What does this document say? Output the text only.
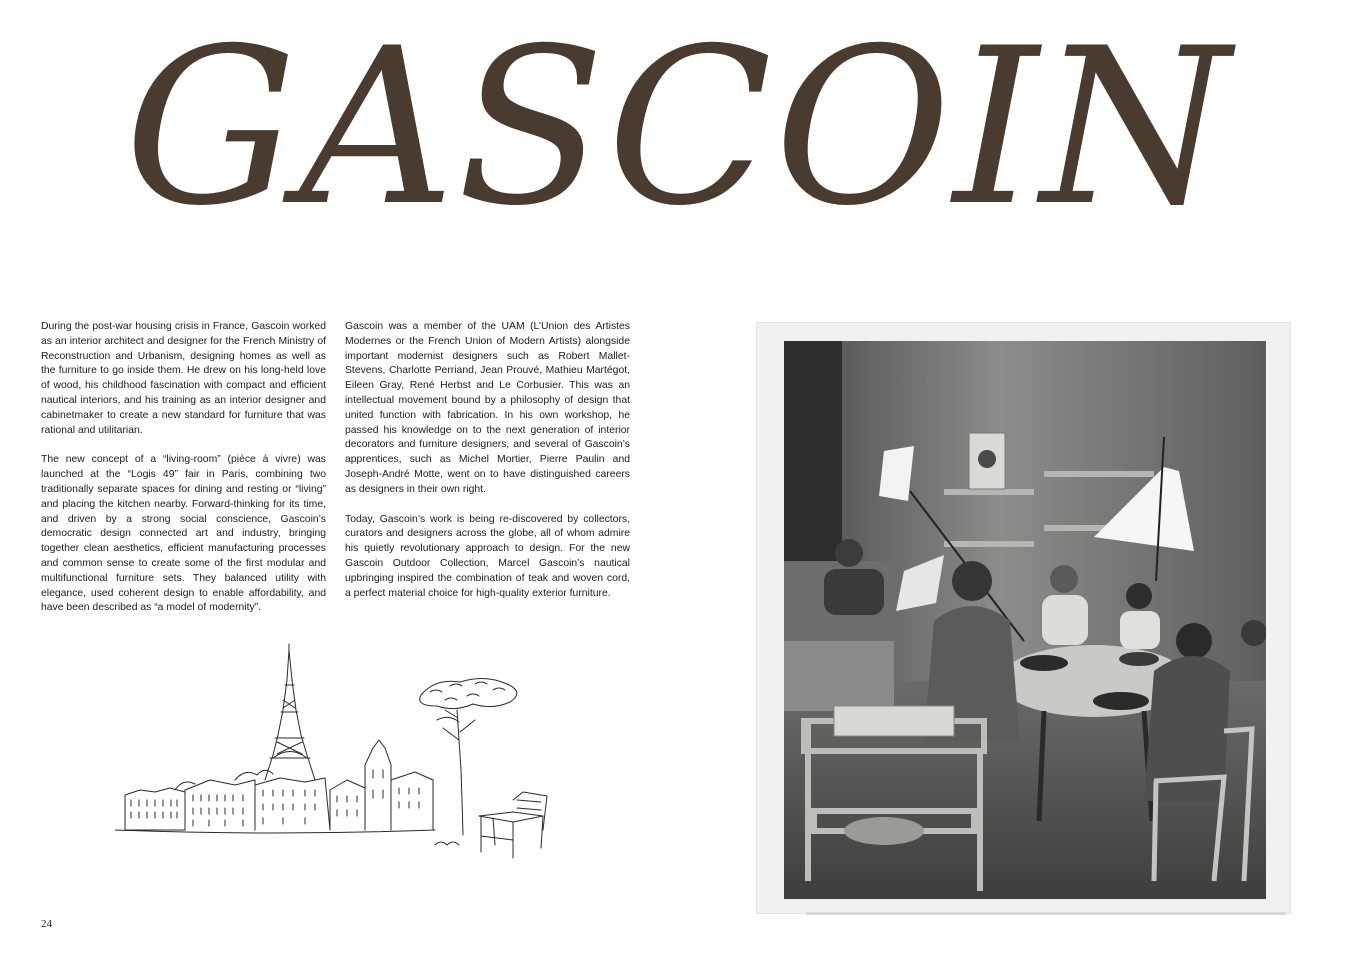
GASCOIN

During the post-war housing crisis in France, Gascoin worked as an interior architect and designer for the French Ministry of Reconstruction and Urbanism, designing homes as well as the furniture to go inside them. He drew on his long-held love of wood, his childhood fascination with compact and efficient nautical interiors, and his training as an interior designer and cabinetmaker to create a new standard for furniture that was rational and utilitarian.

The new concept of a “living-room” (pièce à vivre) was launched at the “Logis 49” fair in Paris, combining two traditionally separate spaces for dining and resting or “living” and placing the kitchen nearby. Forward-thinking for its time, and driven by a strong social conscience, Gascoin’s democratic design connected art and industry, bringing together clean aesthetics, efficient manufacturing processes and common sense to create some of the first modular and multifunctional furniture sets. They balanced utility with elegance, used coherent design to enable affordability, and have been described as “a model of modernity”.

Gascoin was a member of the UAM (L’Union des Artistes Modernes or the French Union of Modern Artists) alongside important modernist designers such as Robert Mallet-Stevens, Charlotte Perriand, Jean Prouvé, Mathieu Martégot, Eileen Gray, René Herbst and Le Corbusier. This was an intellectual movement bound by a philosophy of design that united function with fabrication. In his own workshop, he passed his knowledge on to the next generation of interior decorators and furniture designers, and several of Gascoin’s apprentices, such as Michel Mortier, Pierre Paulin and Joseph-André Motte, went on to have distinguished careers as designers in their own right.

Today, Gascoin’s work is being re-discovered by collectors, curators and designers across the globe, all of whom admire his quietly revolutionary approach to design. For the new Gascoin Outdoor Collection, Marcel Gascoin’s nautical upbringing inspired the combination of teak and woven cord, a perfect material choice for high-quality exterior furniture.

24
